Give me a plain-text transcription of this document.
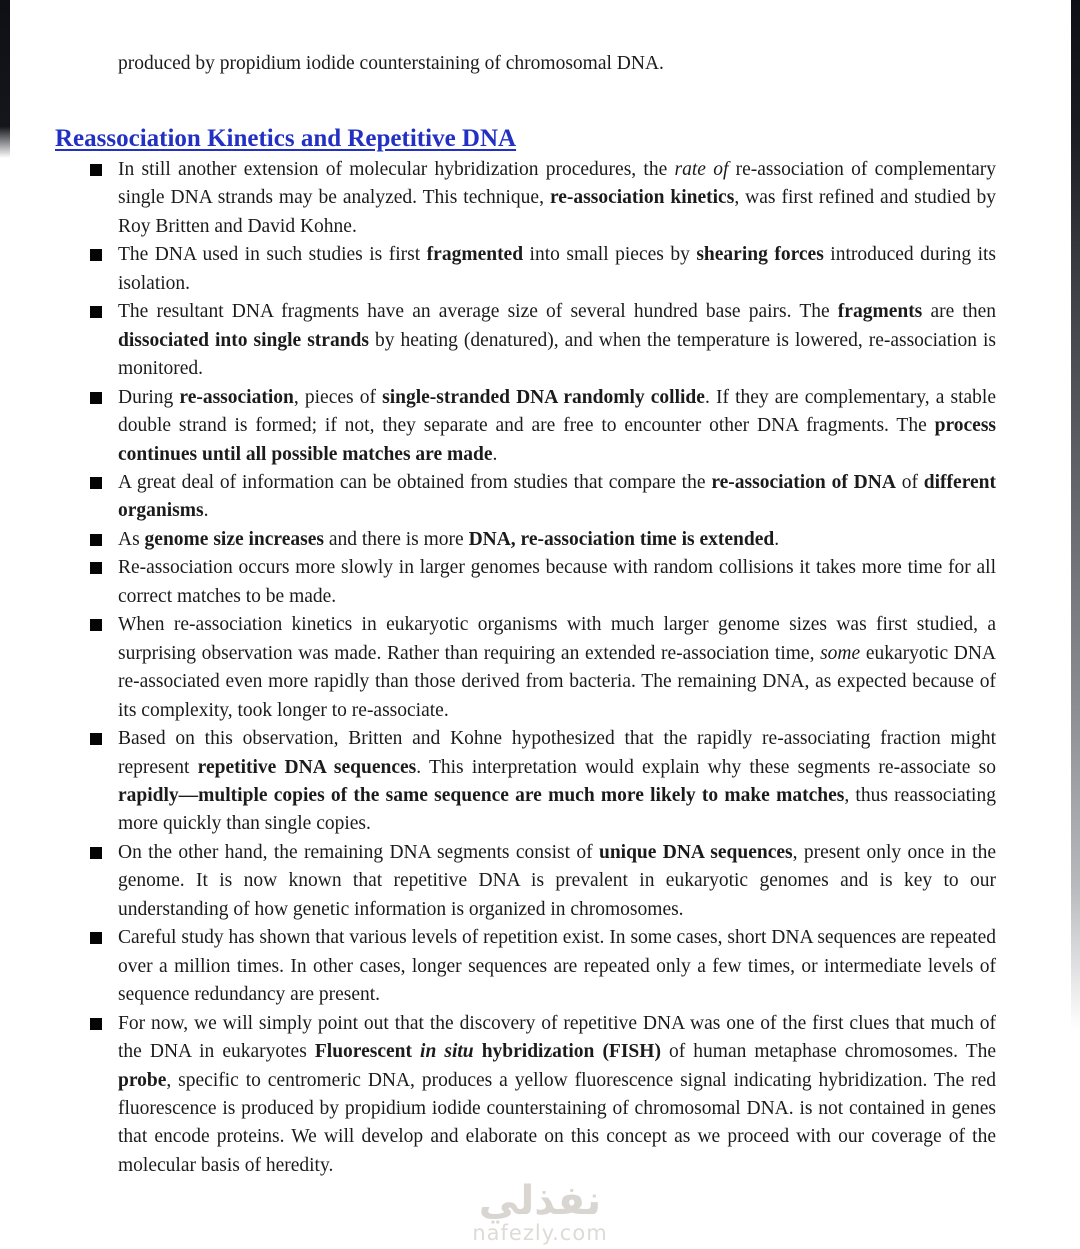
produced by propidium iodide counterstaining of chromosomal DNA.

Reassociation Kinetics and Repetitive DNA
In still another extension of molecular hybridization procedures, the rate of re-association of complementary single DNA strands may be analyzed. This technique, re-association kinetics, was first refined and studied by Roy Britten and David Kohne.
The DNA used in such studies is first fragmented into small pieces by shearing forces introduced during its isolation.
The resultant DNA fragments have an average size of several hundred base pairs. The fragments are then dissociated into single strands by heating (denatured), and when the temperature is lowered, re-association is monitored.
During re-association, pieces of single-stranded DNA randomly collide. If they are complementary, a stable double strand is formed; if not, they separate and are free to encounter other DNA fragments. The process continues until all possible matches are made.
A great deal of information can be obtained from studies that compare the re-association of DNA of different organisms.
As genome size increases and there is more DNA, re-association time is extended.
Re-association occurs more slowly in larger genomes because with random collisions it takes more time for all correct matches to be made.
When re-association kinetics in eukaryotic organisms with much larger genome sizes was first studied, a surprising observation was made. Rather than requiring an extended re-association time, some eukaryotic DNA re-associated even more rapidly than those derived from bacteria. The remaining DNA, as expected because of its complexity, took longer to re-associate.
Based on this observation, Britten and Kohne hypothesized that the rapidly re-associating fraction might represent repetitive DNA sequences. This interpretation would explain why these segments re-associate so rapidly—multiple copies of the same sequence are much more likely to make matches, thus reassociating more quickly than single copies.
On the other hand, the remaining DNA segments consist of unique DNA sequences, present only once in the genome. It is now known that repetitive DNA is prevalent in eukaryotic genomes and is key to our understanding of how genetic information is organized in chromosomes.
Careful study has shown that various levels of repetition exist. In some cases, short DNA sequences are repeated over a million times. In other cases, longer sequences are repeated only a few times, or intermediate levels of sequence redundancy are present.
For now, we will simply point out that the discovery of repetitive DNA was one of the first clues that much of the DNA in eukaryotes Fluorescent in situ hybridization (FISH) of human metaphase chromosomes. The probe, specific to centromeric DNA, produces a yellow fluorescence signal indicating hybridization. The red fluorescence is produced by propidium iodide counterstaining of chromosomal DNA. is not contained in genes that encode proteins. We will develop and elaborate on this concept as we proceed with our coverage of the molecular basis of heredity.
نفذلي
nafezly.com
